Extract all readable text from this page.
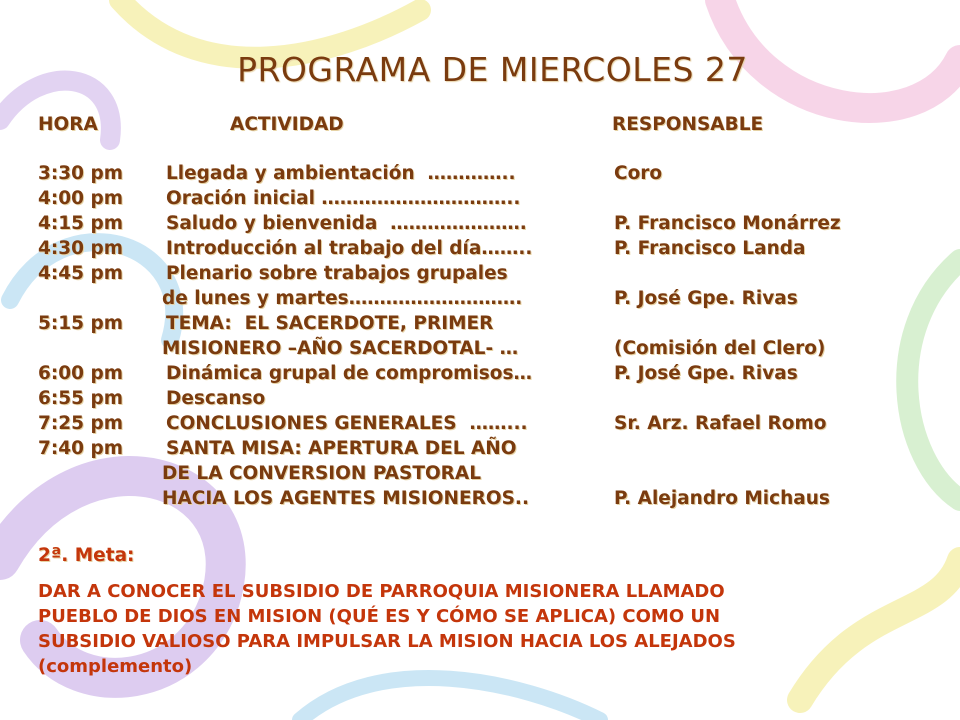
PROGRAMA DE MIERCOLES 27
HORA	ACTIVIDAD	RESPONSABLE
3:30 pm Llegada y ambientación  …………..	Coro
4:00 pm Oración inicial …………………………..
4:15 pm Saludo y bienvenida  ………………….	P. Francisco Monárrez
4:30 pm Introducción al trabajo del día……..	P. Francisco Landa
4:45 pm Plenario sobre trabajos grupales
de lunes y martes……………………….	P. José Gpe. Rivas
5:15 pm TEMA:  EL SACERDOTE, PRIMER
MISIONERO –AÑO SACERDOTAL- …	(Comisión del Clero)
6:00 pm Dinámica grupal de compromisos…	P. José Gpe. Rivas
6:55 pm Descanso
7:25 pm CONCLUSIONES GENERALES  ……...	Sr. Arz. Rafael Romo
7:40 pm SANTA MISA: APERTURA DEL AÑO
DE LA CONVERSION PASTORAL
HACIA LOS AGENTES MISIONEROS..	P. Alejandro Michaus
2ª. Meta:
DAR A CONOCER EL SUBSIDIO DE PARROQUIA MISIONERA LLAMADO
PUEBLO DE DIOS EN MISION (QUÉ ES Y CÓMO SE APLICA) COMO UN
SUBSIDIO VALIOSO PARA IMPULSAR LA MISION HACIA LOS ALEJADOS
(complemento)
